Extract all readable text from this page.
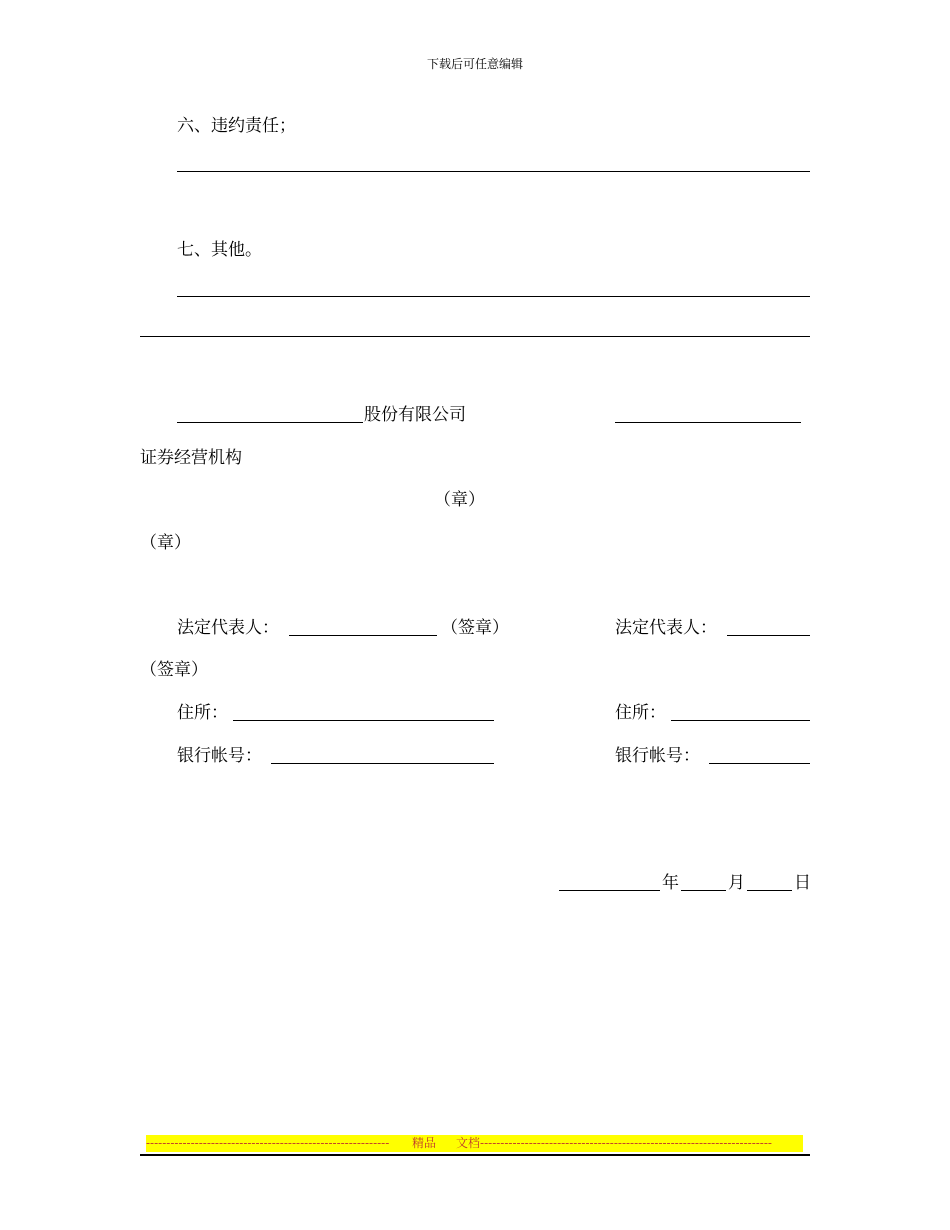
下载后可任意编辑
六、违约责任；
七、其他。
股份有限公司
证券经营机构
（章）
（章）
法定代表人：	（签章）	法定代表人：
（签章）
住所：	住所：
银行帐号：	银行帐号：
年	月	日
------------------------------------------------------------ 精品 文档------------------------------------------------------------------------
